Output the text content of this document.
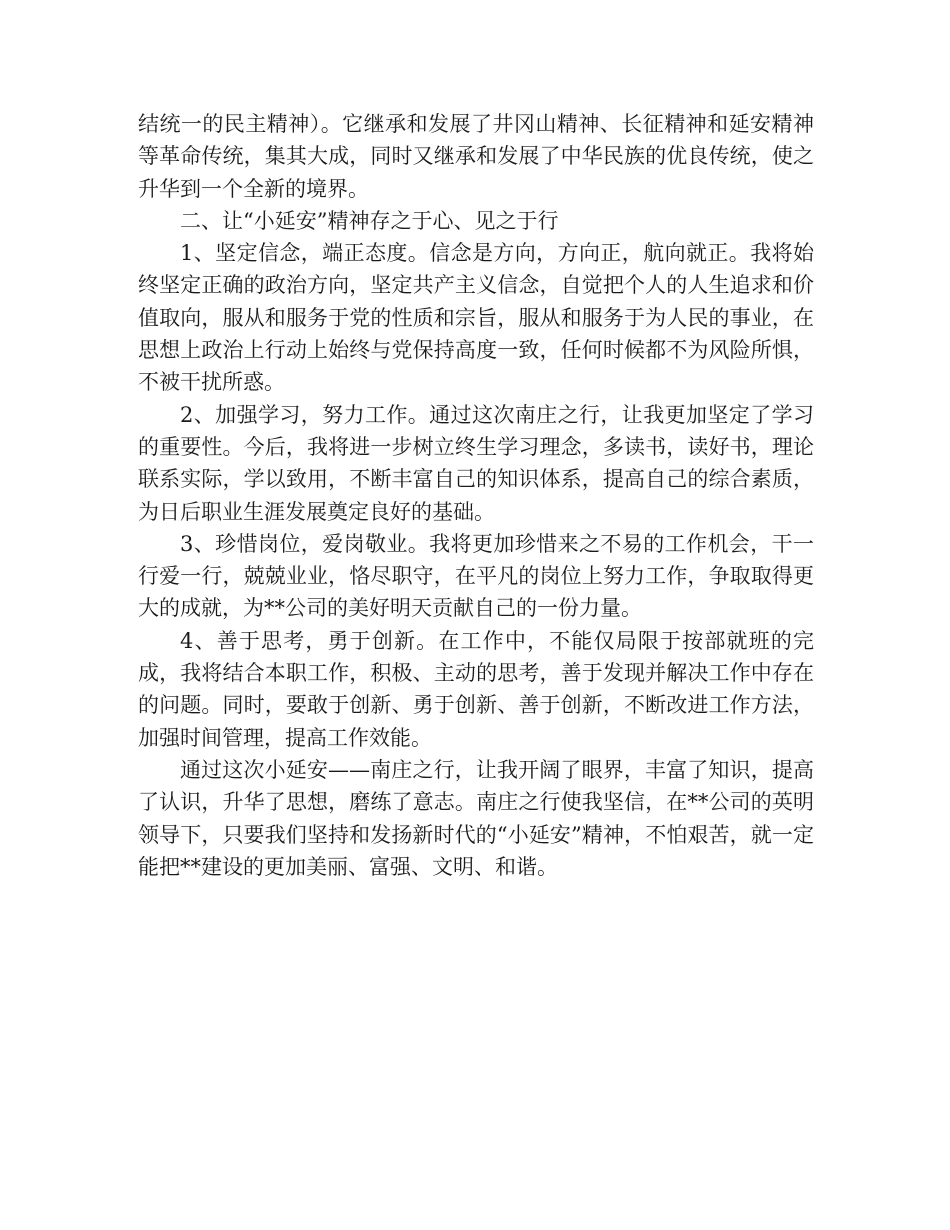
结统一的民主精神）。它继承和发展了井冈山精神、长征精神和延安精神等革命传统，集其大成，同时又继承和发展了中华民族的优良传统，使之升华到一个全新的境界。

二、让“小延安”精神存之于心、见之于行

1、坚定信念，端正态度。信念是方向，方向正，航向就正。我将始终坚定正确的政治方向，坚定共产主义信念，自觉把个人的人生追求和价值取向，服从和服务于党的性质和宗旨，服从和服务于为人民的事业，在思想上政治上行动上始终与党保持高度一致，任何时候都不为风险所惧，不被干扰所惑。

2、加强学习，努力工作。通过这次南庄之行，让我更加坚定了学习的重要性。今后，我将进一步树立终生学习理念，多读书，读好书，理论联系实际，学以致用，不断丰富自己的知识体系，提高自己的综合素质，为日后职业生涯发展奠定良好的基础。

3、珍惜岗位，爱岗敬业。我将更加珍惜来之不易的工作机会，干一行爱一行，兢兢业业，恪尽职守，在平凡的岗位上努力工作，争取取得更大的成就，为**公司的美好明天贡献自己的一份力量。

4、善于思考，勇于创新。在工作中，不能仅局限于按部就班的完成，我将结合本职工作，积极、主动的思考，善于发现并解决工作中存在的问题。同时，要敢于创新、勇于创新、善于创新，不断改进工作方法，加强时间管理，提高工作效能。

通过这次小延安——南庄之行，让我开阔了眼界，丰富了知识，提高了认识，升华了思想，磨练了意志。南庄之行使我坚信，在**公司的英明领导下，只要我们坚持和发扬新时代的“小延安”精神，不怕艰苦，就一定能把**建设的更加美丽、富强、文明、和谐。
